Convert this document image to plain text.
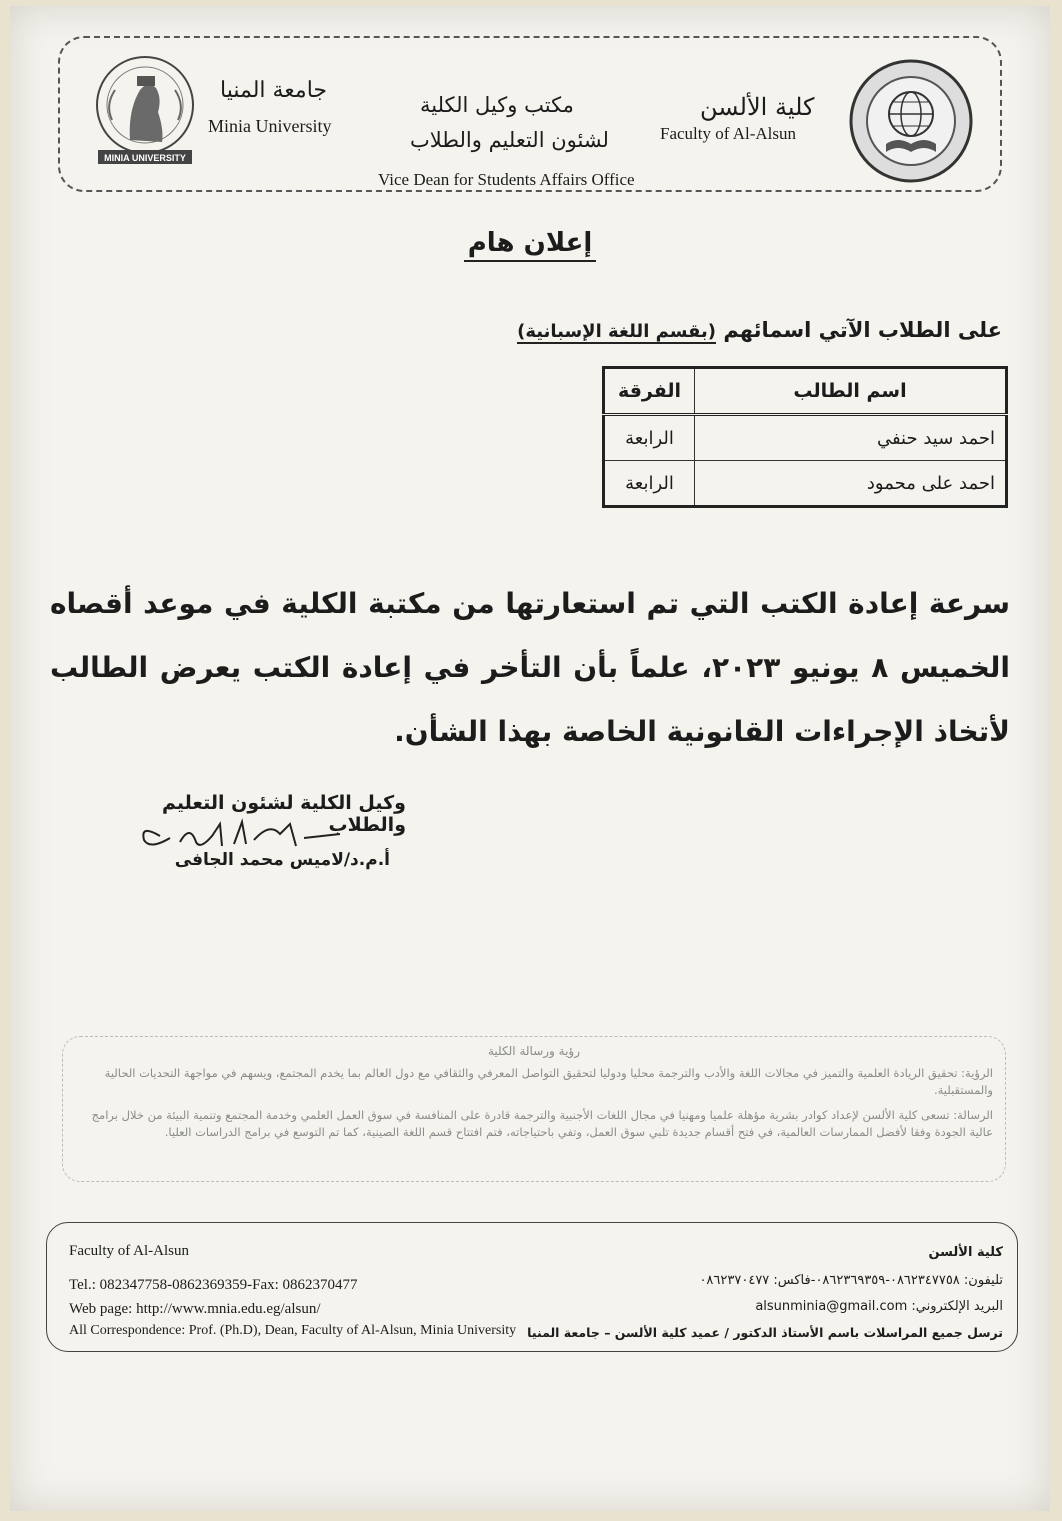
MINIA UNIVERSITY
جامعة المنيا
Minia University
مكتب وكيل الكلية
لشئون التعليم والطلاب
Vice Dean for Students Affairs Office
كلية الألسن
Faculty of Al-Alsun
إعلان هام
على الطلاب الآتي اسمائهم (بقسم اللغة الإسبانية)
اسم الطالب	الفرقة
احمد سيد حنفي	الرابعة
احمد على محمود	الرابعة
سرعة إعادة الكتب التي تم استعارتها من مكتبة الكلية في موعد أقصاه الخميس ٨ يونيو ٢٠٢٣، علماً بأن التأخر في إعادة الكتب يعرض الطالب لأتخاذ الإجراءات القانونية الخاصة بهذا الشأن.
وكيل الكلية لشئون التعليم والطلاب
أ.م.د/لاميس محمد الجافى
رؤية ورسالة الكلية
الرؤية: تحقيق الريادة العلمية والتميز في مجالات اللغة والأدب والترجمة محليا ودوليا لتحقيق التواصل المعرفي والثقافي مع دول العالم بما يخدم المجتمع، ويسهم في مواجهة التحديات الحالية والمستقبلية.
الرسالة: تسعى كلية الألسن لإعداد كوادر بشرية مؤهلة علميا ومهنيا في مجال اللغات الأجنبية والترجمة قادرة على المنافسة في سوق العمل العلمي وخدمة المجتمع وتنمية البيئة من خلال برامج عالية الجودة وفقا لأفضل الممارسات العالمية، في فتح أقسام جديدة تلبي سوق العمل، وتفي باحتياجاته، فتم افتتاح قسم اللغة الصينية، كما تم التوسع في برامج الدراسات العليا.
Faculty of Al-Alsun
Tel.: 082347758-0862369359-Fax: 0862370477
Web page: http://www.mnia.edu.eg/alsun/
All Correspondence: Prof. (Ph.D), Dean, Faculty of Al-Alsun, Minia University
كلية الألسن
تليفون: ٠٨٦٢٣٤٧٧٥٨-٠٨٦٢٣٦٩٣٥٩-فاكس: ٠٨٦٢٣٧٠٤٧٧
البريد الإلكتروني: alsunminia@gmail.com
ترسل جميع المراسلات باسم الأستاذ الدكتور / عميد كلية الألسن – جامعة المنيا
